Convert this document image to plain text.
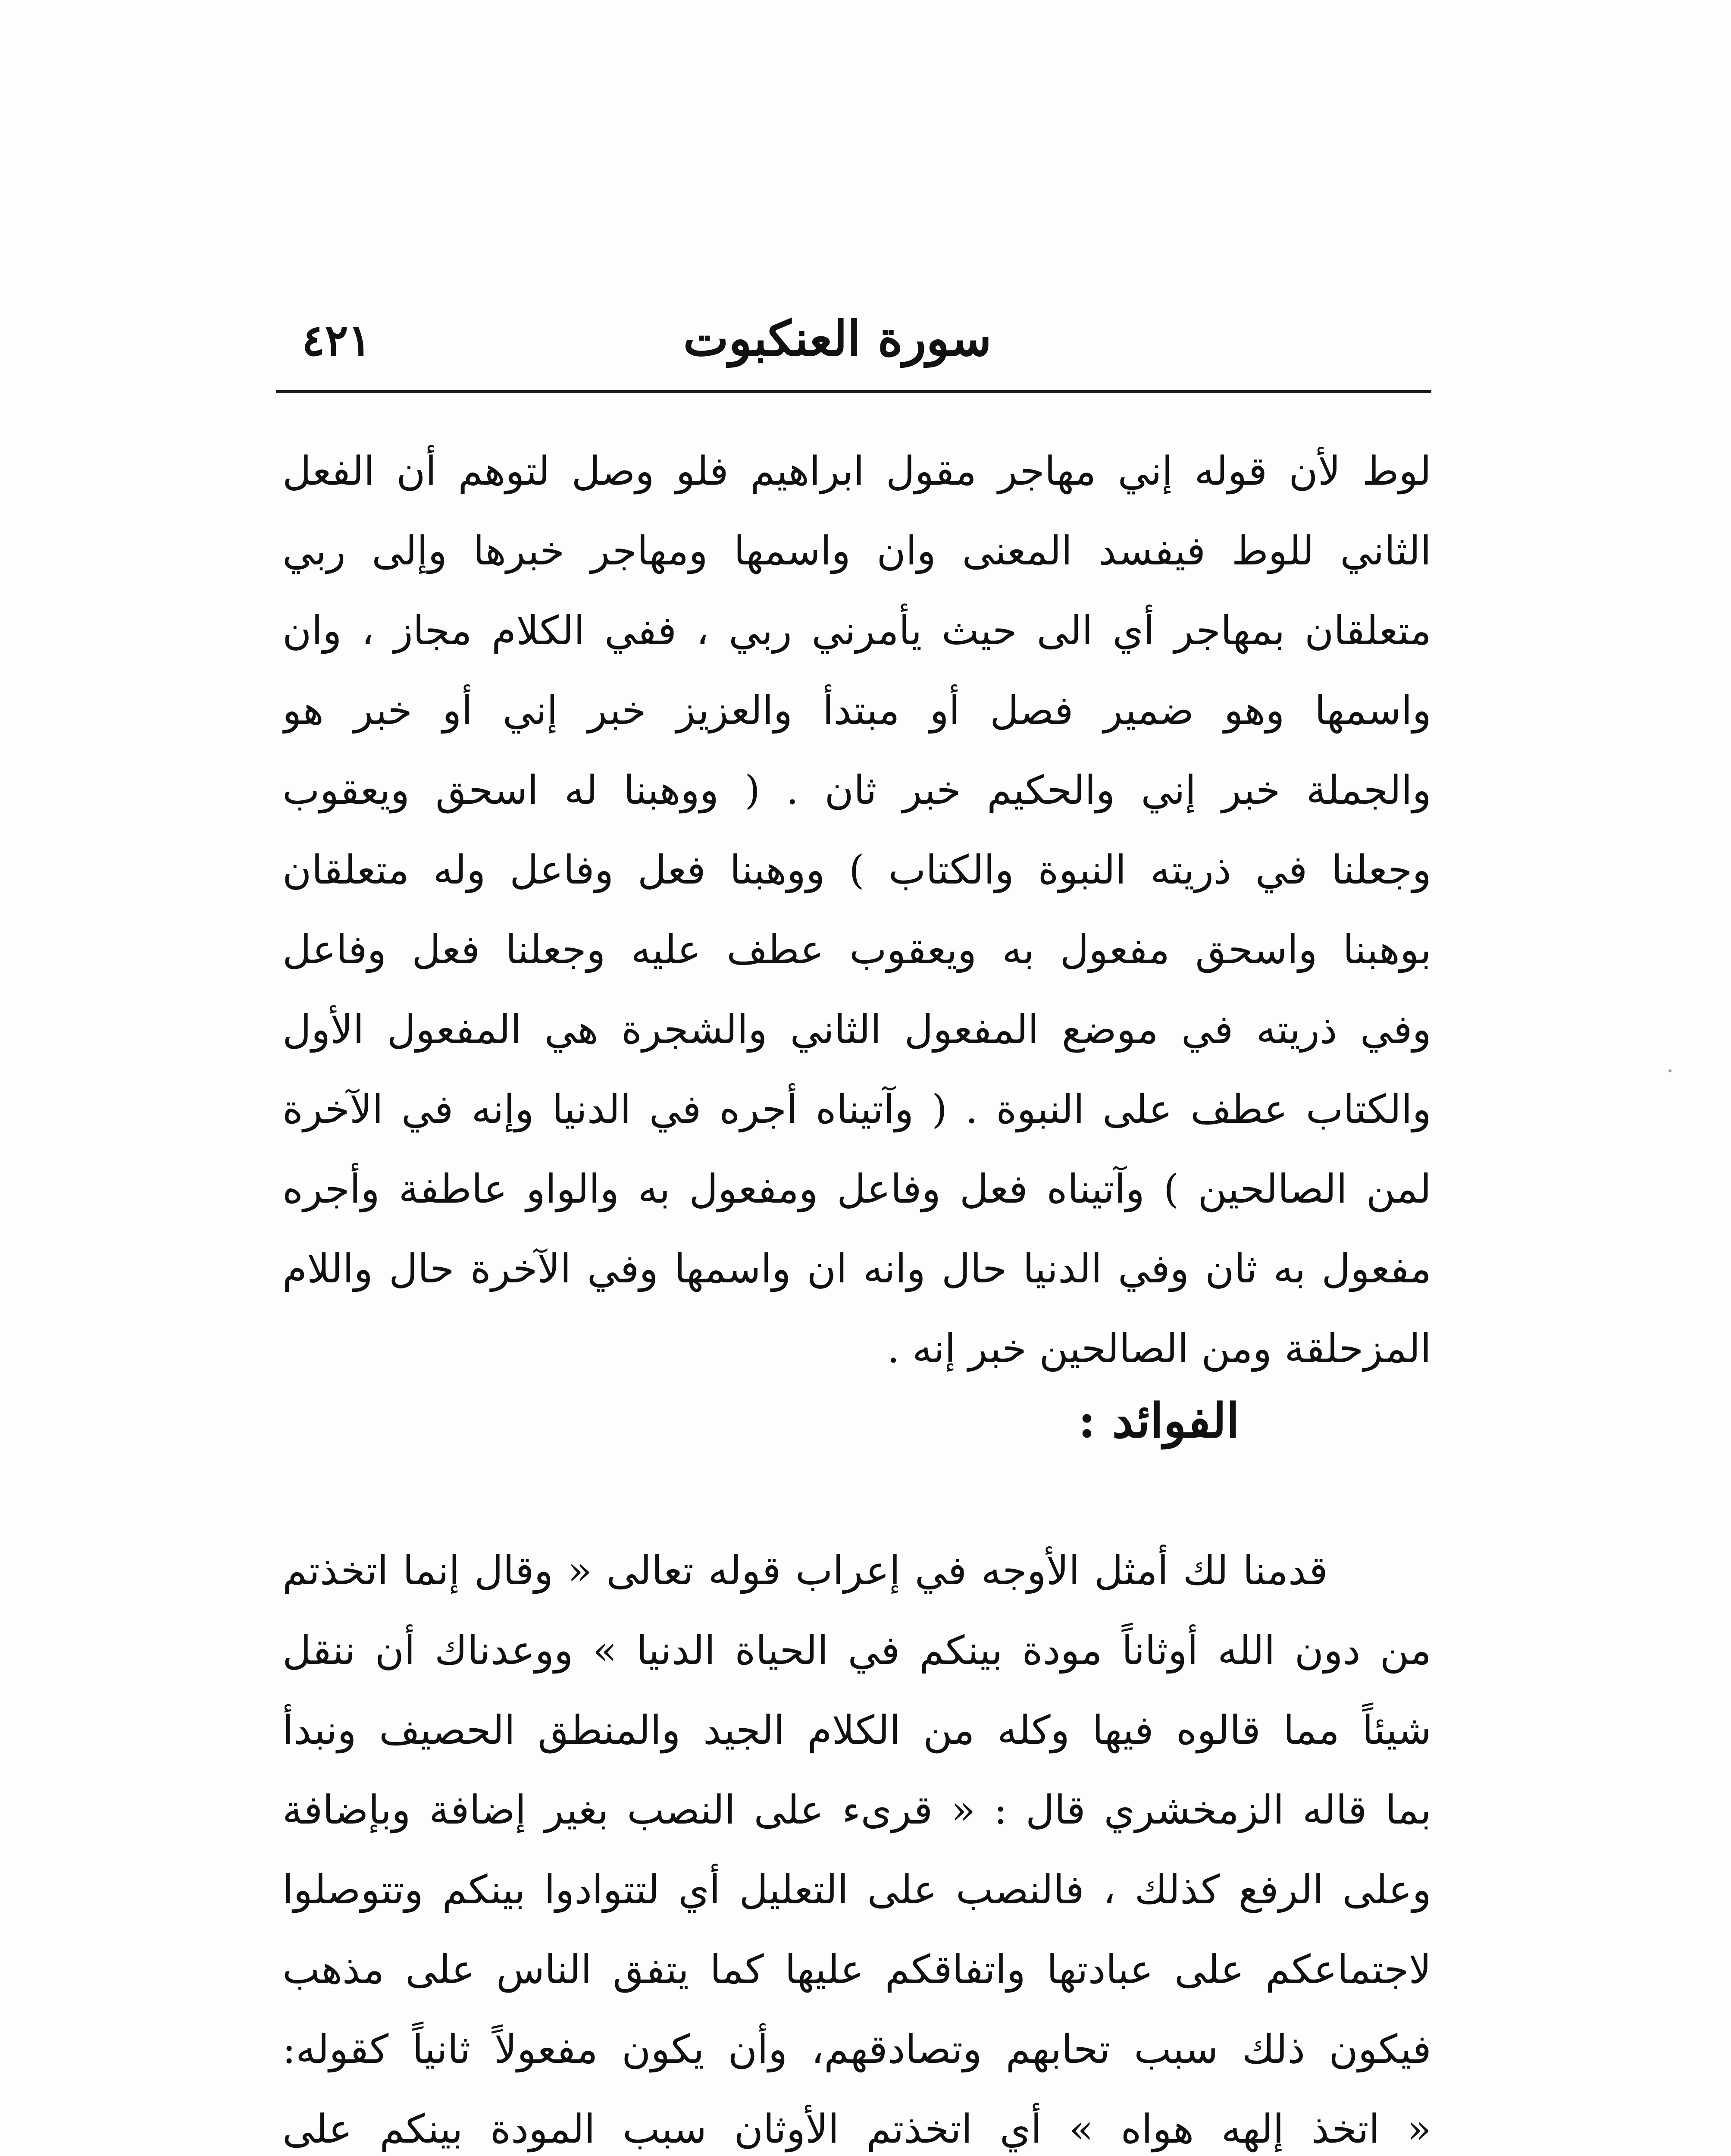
سورة العنكبوت
٤٢١
لوط لأن قوله إني مهاجر مقول ابراهيم فلو وصل لتوهم أن الفعل
الثاني للوط فيفسد المعنى وان واسمها ومهاجر خبرها وإلى ربي
متعلقان بمهاجر أي الى حيث يأمرني ربي ، ففي الكلام مجاز ، وان
واسمها وهو ضمير فصل أو مبتدأ والعزيز خبر إني أو خبر هو
والجملة خبر إني والحكيم خبر ثان . ( ووهبنا له اسحق ويعقوب
وجعلنا في ذريته النبوة والكتاب ) ووهبنا فعل وفاعل وله متعلقان
بوهبنا واسحق مفعول به ويعقوب عطف عليه وجعلنا فعل وفاعل
وفي ذريته في موضع المفعول الثاني والشجرة هي المفعول الأول
والكتاب عطف على النبوة . ( وآتيناه أجره في الدنيا وإنه في الآخرة
لمن الصالحين ) وآتيناه فعل وفاعل ومفعول به والواو عاطفة وأجره
مفعول به ثان وفي الدنيا حال وانه ان واسمها وفي الآخرة حال واللام
المزحلقة ومن الصالحين خبر إنه .
الفوائد :
قدمنا لك أمثل الأوجه في إعراب قوله تعالى « وقال إنما اتخذتم
من دون الله أوثاناً مودة بينكم في الحياة الدنيا » ووعدناك أن ننقل
شيئاً مما قالوه فيها وكله من الكلام الجيد والمنطق الحصيف ونبدأ
بما قاله الزمخشري قال : « قرىء على النصب بغير إضافة وبإضافة
وعلى الرفع كذلك ، فالنصب على التعليل أي لتتوادوا بينكم وتتوصلوا
لاجتماعكم على عبادتها واتفاقكم عليها كما يتفق الناس على مذهب
فيكون ذلك سبب تحابهم وتصادقهم، وأن يكون مفعولاً ثانياً كقوله:
« اتخذ إلهه هواه » أي اتخذتم الأوثان سبب المودة بينكم على
